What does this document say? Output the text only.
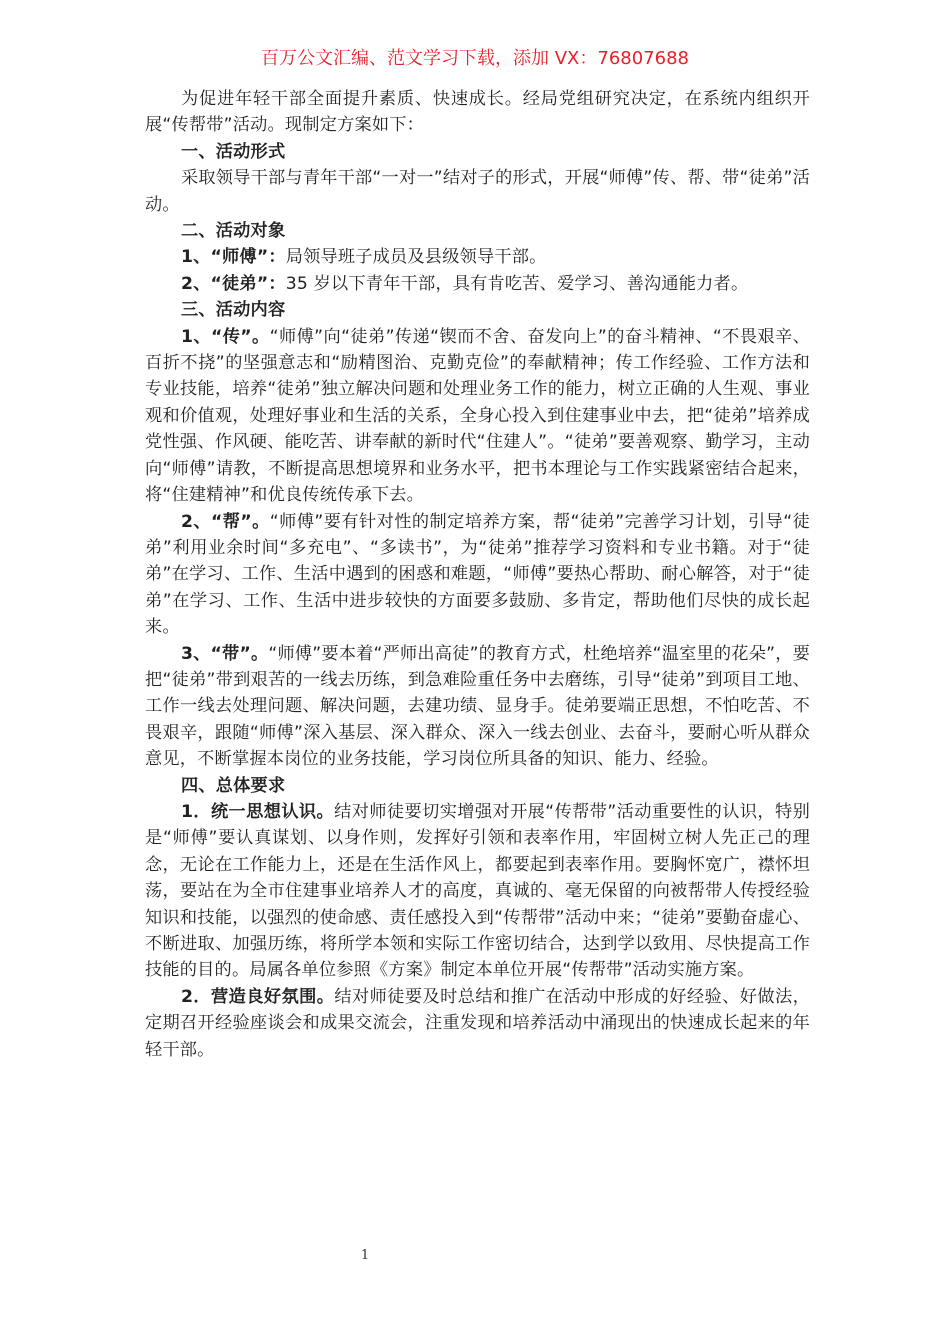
百万公文汇编、范文学习下载，添加 VX：76807688

为促进年轻干部全面提升素质、快速成长。经局党组研究决定，在系统内组织开展“传帮带”活动。现制定方案如下：

一、活动形式

采取领导干部与青年干部“一对一”结对子的形式，开展“师傅”传、帮、带“徒弟”活动。

二、活动对象

1、“师傅”：局领导班子成员及县级领导干部。

2、“徒弟”：35 岁以下青年干部，具有肯吃苦、爱学习、善沟通能力者。

三、活动内容

1、“传”。“师傅”向“徒弟”传递“锲而不舍、奋发向上”的奋斗精神、“不畏艰辛、百折不挠”的坚强意志和“励精图治、克勤克俭”的奉献精神；传工作经验、工作方法和专业技能，培养“徒弟”独立解决问题和处理业务工作的能力，树立正确的人生观、事业观和价值观，处理好事业和生活的关系，全身心投入到住建事业中去，把“徒弟”培养成党性强、作风硬、能吃苦、讲奉献的新时代“住建人”。“徒弟”要善观察、勤学习，主动向“师傅”请教，不断提高思想境界和业务水平，把书本理论与工作实践紧密结合起来，将“住建精神”和优良传统传承下去。

2、“帮”。“师傅”要有针对性的制定培养方案，帮“徒弟”完善学习计划，引导“徒弟”利用业余时间“多充电”、“多读书”，为“徒弟”推荐学习资料和专业书籍。对于“徒弟”在学习、工作、生活中遇到的困惑和难题，“师傅”要热心帮助、耐心解答，对于“徒弟”在学习、工作、生活中进步较快的方面要多鼓励、多肯定，帮助他们尽快的成长起来。

3、“带”。“师傅”要本着“严师出高徒”的教育方式，杜绝培养“温室里的花朵”，要把“徒弟”带到艰苦的一线去历练，到急难险重任务中去磨练，引导“徒弟”到项目工地、工作一线去处理问题、解决问题，去建功绩、显身手。徒弟要端正思想，不怕吃苦、不畏艰辛，跟随“师傅”深入基层、深入群众、深入一线去创业、去奋斗，要耐心听从群众意见，不断掌握本岗位的业务技能，学习岗位所具备的知识、能力、经验。

四、总体要求

1．统一思想认识。结对师徒要切实增强对开展“传帮带”活动重要性的认识，特别是“师傅”要认真谋划、以身作则，发挥好引领和表率作用，牢固树立树人先正己的理念，无论在工作能力上，还是在生活作风上，都要起到表率作用。要胸怀宽广，襟怀坦荡，要站在为全市住建事业培养人才的高度，真诚的、毫无保留的向被帮带人传授经验知识和技能，以强烈的使命感、责任感投入到“传帮带”活动中来；“徒弟”要勤奋虚心、不断进取、加强历练，将所学本领和实际工作密切结合，达到学以致用、尽快提高工作技能的目的。局属各单位参照《方案》制定本单位开展“传帮带”活动实施方案。

2．营造良好氛围。结对师徒要及时总结和推广在活动中形成的好经验、好做法，定期召开经验座谈会和成果交流会，注重发现和培养活动中涌现出的快速成长起来的年轻干部。

1
